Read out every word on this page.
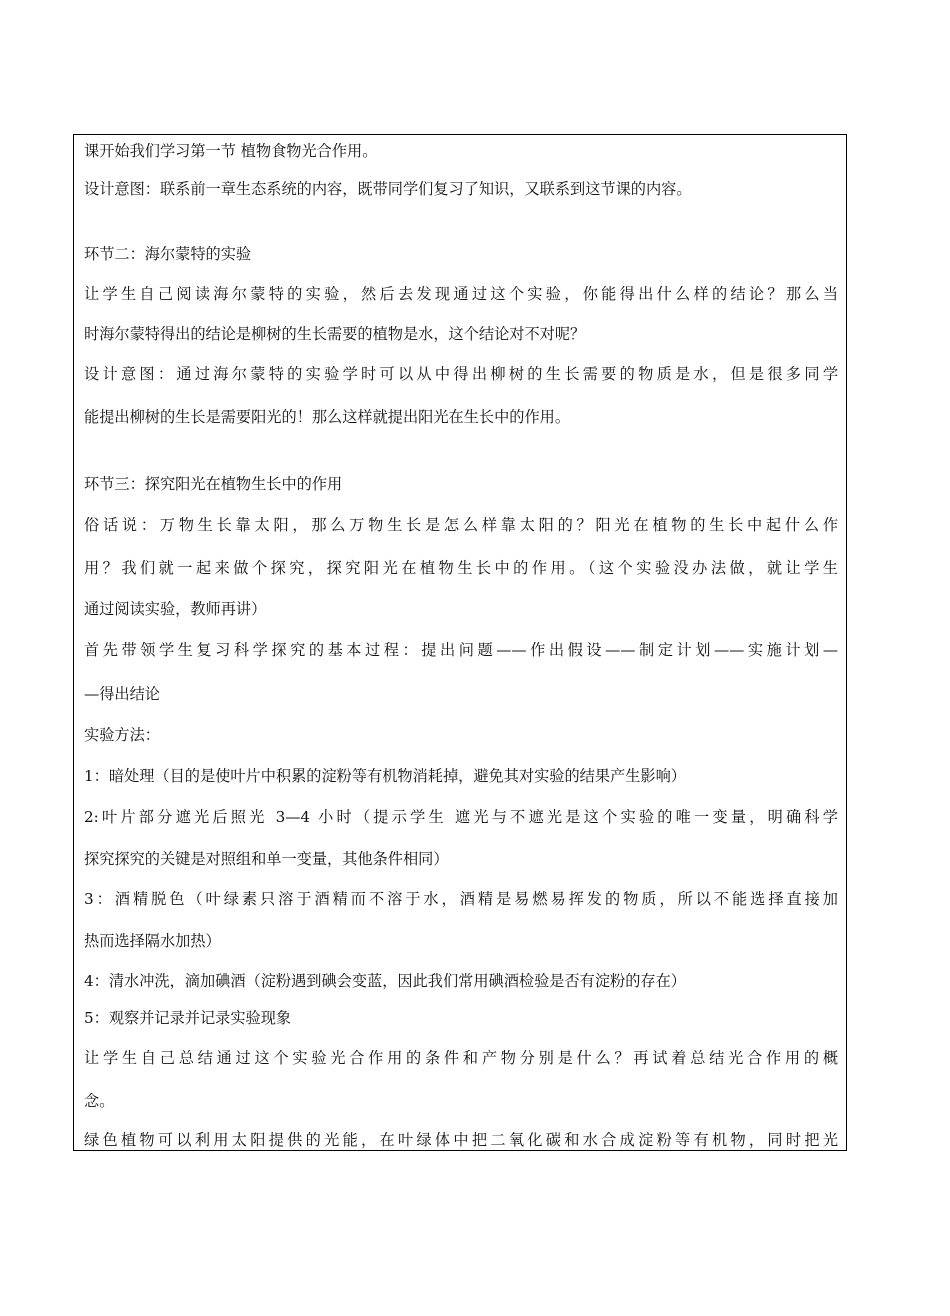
课开始我们学习第一节 植物食物光合作用。
设计意图：联系前一章生态系统的内容，既带同学们复习了知识，又联系到这节课的内容。
环节二：海尔蒙特的实验
让学生自己阅读海尔蒙特的实验，然后去发现通过这个实验，你能得出什么样的结论？那么当
时海尔蒙特得出的结论是柳树的生长需要的植物是水，这个结论对不对呢？
设计意图：通过海尔蒙特的实验学时可以从中得出柳树的生长需要的物质是水，但是很多同学
能提出柳树的生长是需要阳光的！那么这样就提出阳光在生长中的作用。
环节三：探究阳光在植物生长中的作用
俗话说：万物生长靠太阳，那么万物生长是怎么样靠太阳的？阳光在植物的生长中起什么作
用？我们就一起来做个探究，探究阳光在植物生长中的作用。（这个实验没办法做，就让学生
通过阅读实验，教师再讲）
首先带领学生复习科学探究的基本过程：提出问题——作出假设——制定计划——实施计划—
—得出结论
实验方法：
1：暗处理（目的是使叶片中积累的淀粉等有机物消耗掉，避免其对实验的结果产生影响）
2:叶片部分遮光后照光 3—4 小时（提示学生 遮光与不遮光是这个实验的唯一变量，明确科学
探究探究的关键是对照组和单一变量，其他条件相同）
3：酒精脱色（叶绿素只溶于酒精而不溶于水，酒精是易燃易挥发的物质，所以不能选择直接加
热而选择隔水加热）
4：清水冲洗，滴加碘酒（淀粉遇到碘会变蓝，因此我们常用碘酒检验是否有淀粉的存在）
5：观察并记录并记录实验现象
让学生自己总结通过这个实验光合作用的条件和产物分别是什么？再试着总结光合作用的概
念。
绿色植物可以利用太阳提供的光能，在叶绿体中把二氧化碳和水合成淀粉等有机物，同时把光
